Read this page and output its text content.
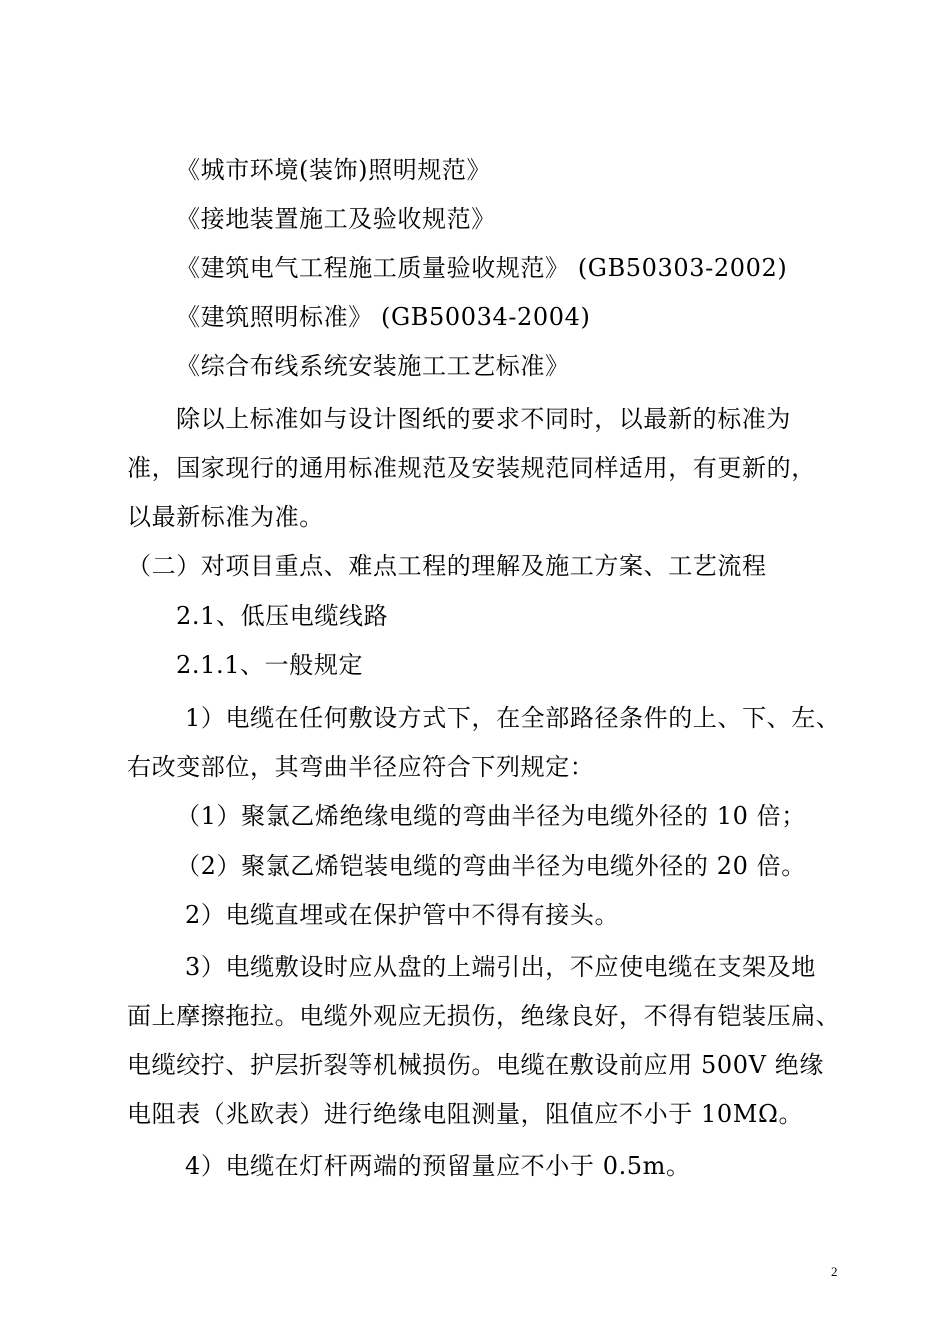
《城市环境(装饰)照明规范》
《接地装置施工及验收规范》
《建筑电气工程施工质量验收规范》 (GB50303-2002)
《建筑照明标准》 (GB50034-2004)
《综合布线系统安装施工工艺标准》
除以上标准如与设计图纸的要求不同时，以最新的标准为
准，国家现行的通用标准规范及安装规范同样适用，有更新的，
以最新标准为准。
（二）对项目重点、难点工程的理解及施工方案、工艺流程
2.1、低压电缆线路
2.1.1、一般规定
1）电缆在任何敷设方式下，在全部路径条件的上、下、左、
右改变部位，其弯曲半径应符合下列规定：
（1）聚氯乙烯绝缘电缆的弯曲半径为电缆外径的 10 倍；
（2）聚氯乙烯铠装电缆的弯曲半径为电缆外径的 20 倍。
2）电缆直埋或在保护管中不得有接头。
3）电缆敷设时应从盘的上端引出，不应使电缆在支架及地
面上摩擦拖拉。电缆外观应无损伤，绝缘良好，不得有铠装压扁、
电缆绞拧、护层折裂等机械损伤。电缆在敷设前应用 500V 绝缘
电阻表（兆欧表）进行绝缘电阻测量，阻值应不小于 10MΩ。
4）电缆在灯杆两端的预留量应不小于 0.5m。
2
